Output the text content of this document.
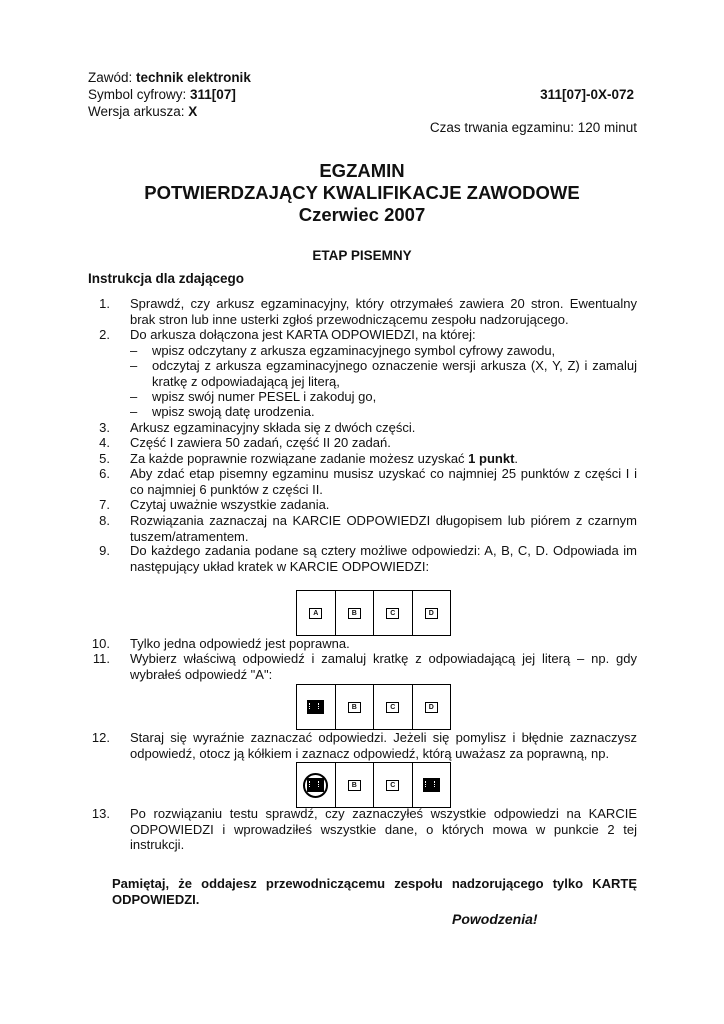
Zawód: technik elektronik
Symbol cyfrowy: 311[07]	311[07]-0X-072
Wersja arkusza: X
Czas trwania egzaminu: 120 minut
EGZAMIN
POTWIERDZAJĄCY KWALIFIKACJE ZAWODOWE
Czerwiec 2007
ETAP PISEMNY
Instrukcja dla zdającego
1. Sprawdź, czy arkusz egzaminacyjny, który otrzymałeś zawiera 20 stron. Ewentualny brak stron lub inne usterki zgłoś przewodniczącemu zespołu nadzorującego.
2. Do arkusza dołączona jest KARTA ODPOWIEDZI, na której:
– wpisz odczytany z arkusza egzaminacyjnego symbol cyfrowy zawodu,
– odczytaj z arkusza egzaminacyjnego oznaczenie wersji arkusza (X, Y, Z) i zamaluj kratkę z odpowiadającą jej literą,
– wpisz swój numer PESEL i zakoduj go,
– wpisz swoją datę urodzenia.
3. Arkusz egzaminacyjny składa się z dwóch części.
4. Część I zawiera 50 zadań, część II 20 zadań.
5. Za każde poprawnie rozwiązane zadanie możesz uzyskać 1 punkt.
6. Aby zdać etap pisemny egzaminu musisz uzyskać co najmniej 25 punktów z części I i co najmniej 6 punktów z części II.
7. Czytaj uważnie wszystkie zadania.
8. Rozwiązania zaznaczaj na KARCIE ODPOWIEDZI długopisem lub piórem z czarnym tuszem/atramentem.
9. Do każdego zadania podane są cztery możliwe odpowiedzi: A, B, C, D. Odpowiada im następujący układ kratek w KARCIE ODPOWIEDZI:
A	B	C	D
10. Tylko jedna odpowiedź jest poprawna.
11. Wybierz właściwą odpowiedź i zamaluj kratkę z odpowiadającą jej literą – np. gdy wybrałeś odpowiedź "A":
B	C	D
12. Staraj się wyraźnie zaznaczać odpowiedzi. Jeżeli się pomylisz i błędnie zaznaczysz odpowiedź, otocz ją kółkiem i zaznacz odpowiedź, którą uważasz za poprawną, np.
B	C
13. Po rozwiązaniu testu sprawdź, czy zaznaczyłeś wszystkie odpowiedzi na KARCIE ODPOWIEDZI i wprowadziłeś wszystkie dane, o których mowa w punkcie 2 tej instrukcji.
Pamiętaj, że oddajesz przewodniczącemu zespołu nadzorującego tylko KARTĘ ODPOWIEDZI.
Powodzenia!
